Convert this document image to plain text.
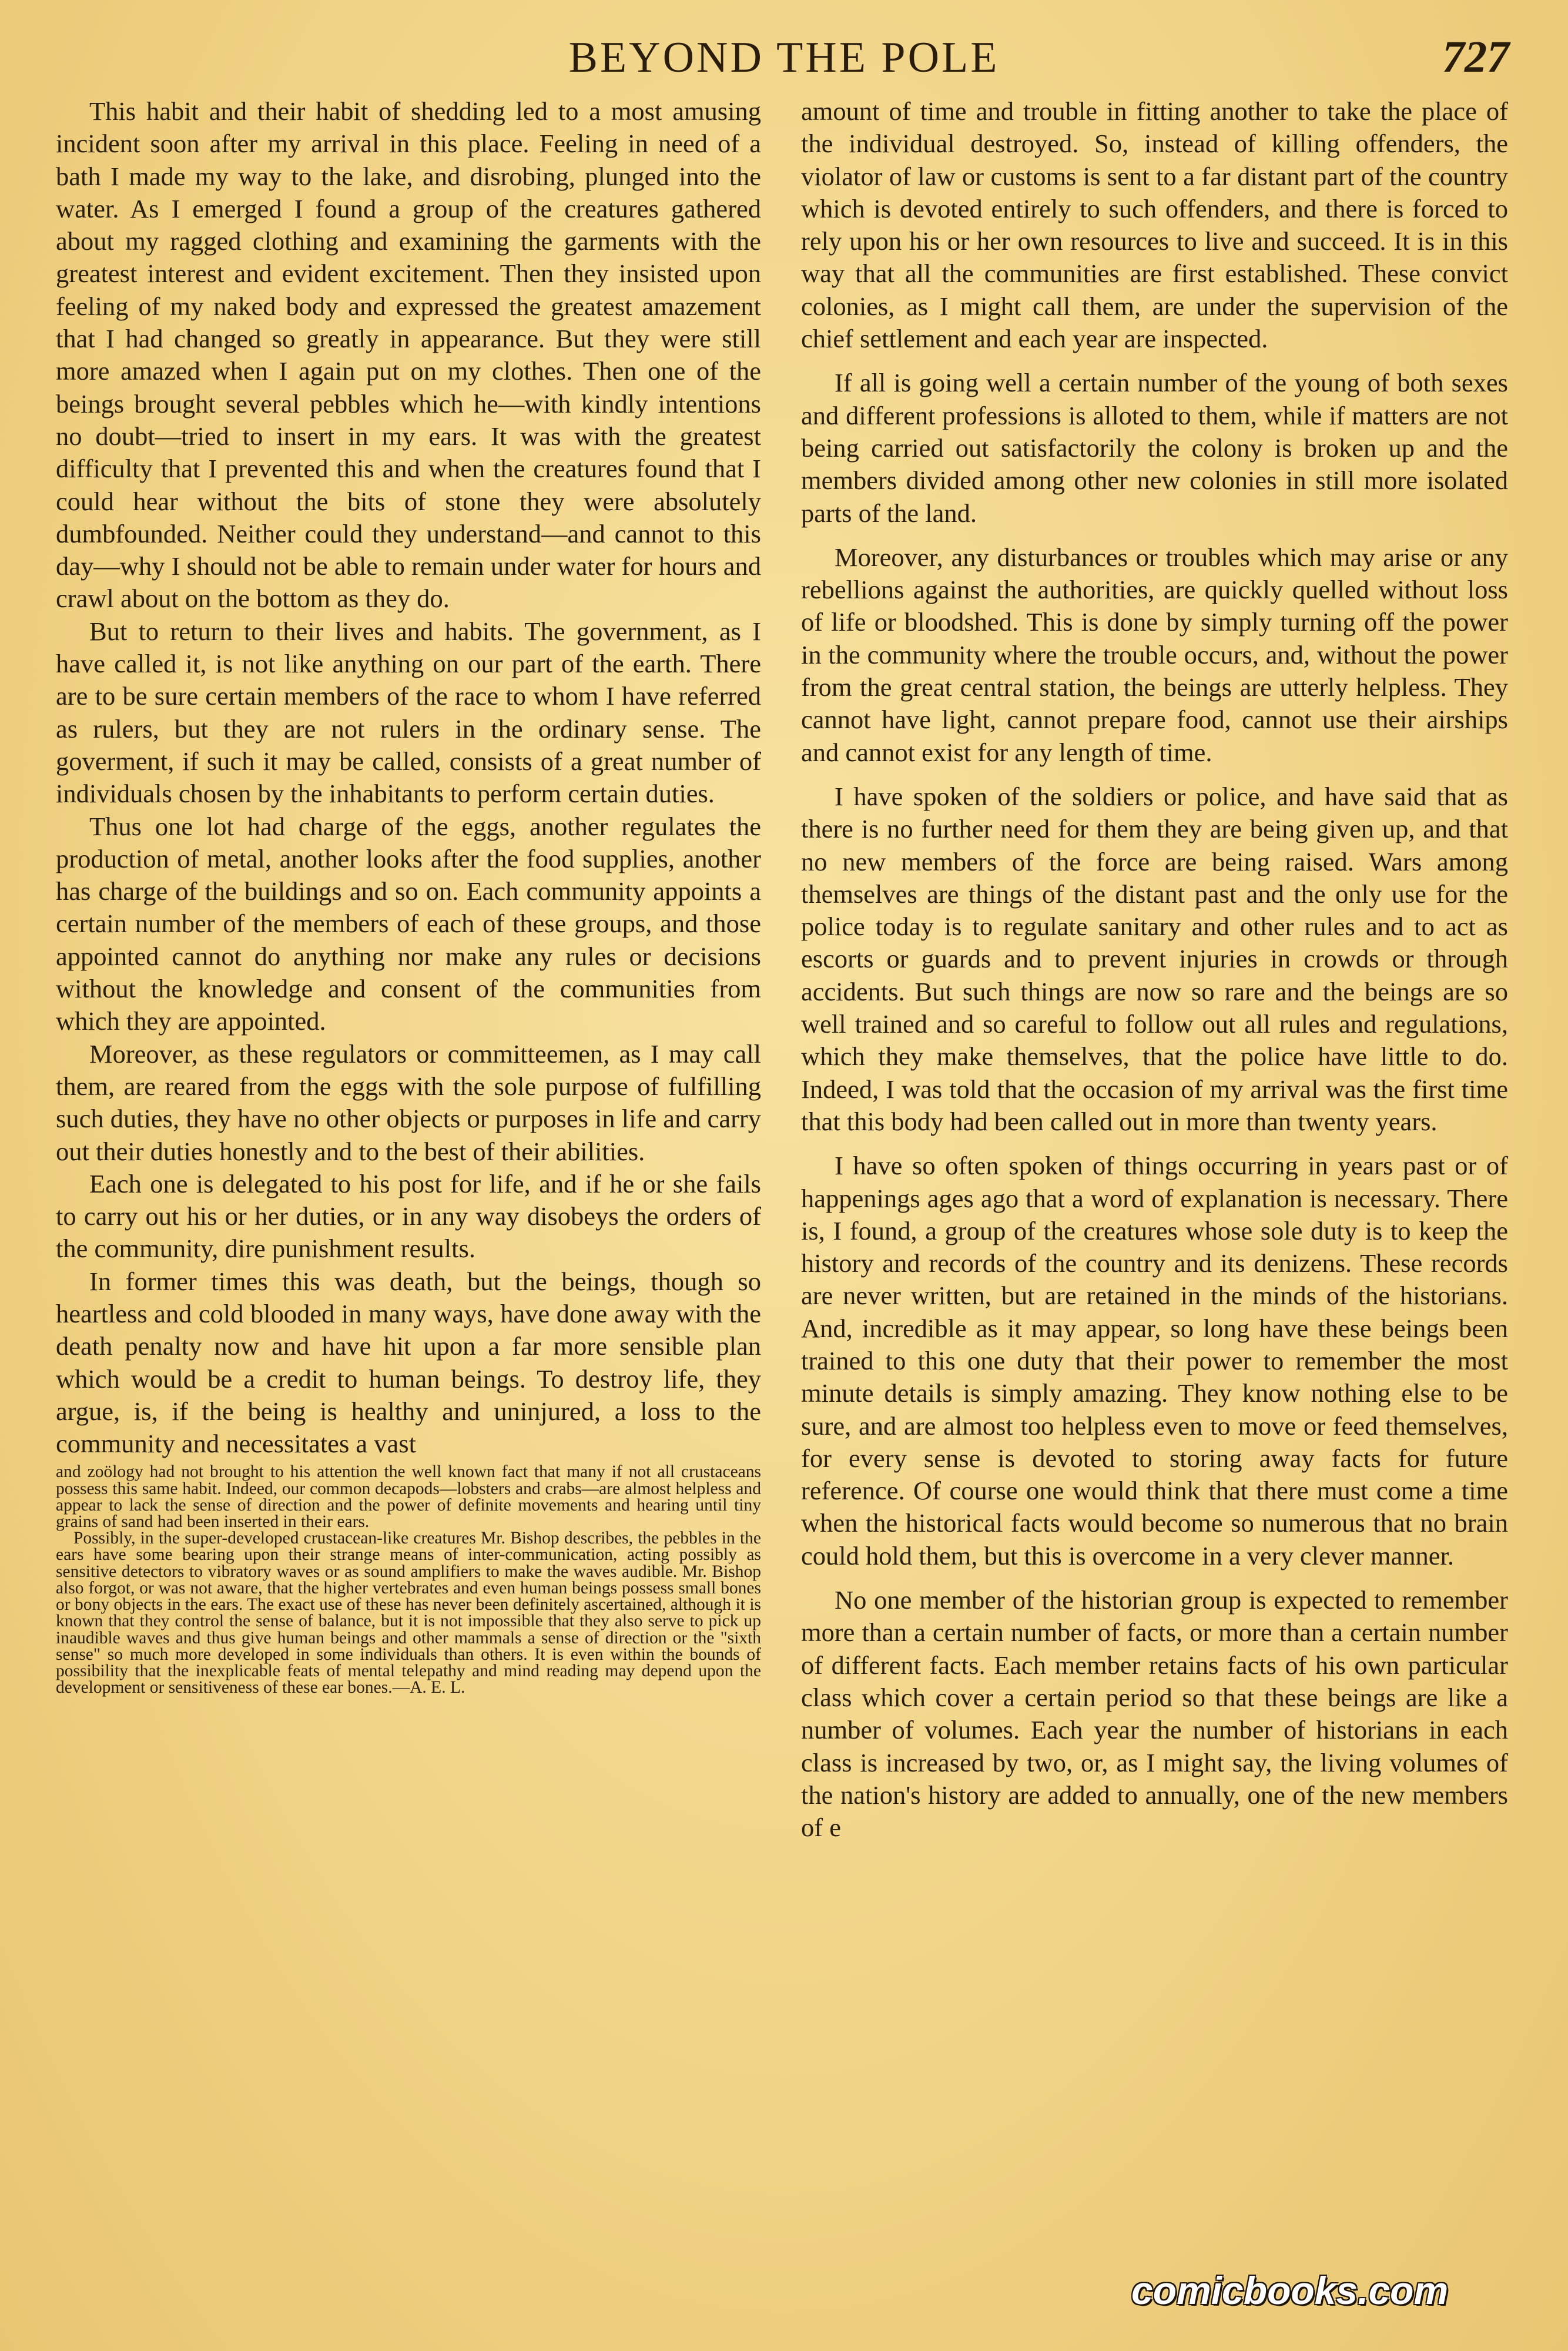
BEYOND THE POLE	727

This habit and their habit of shedding led to a most amusing incident soon after my arrival in this place. Feeling in need of a bath I made my way to the lake, and disrobing, plunged into the water. As I emerged I found a group of the creatures gathered about my ragged clothing and examining the garments with the greatest interest and evident excitement. Then they insisted upon feeling of my naked body and expressed the greatest amazement that I had changed so greatly in appearance. But they were still more amazed when I again put on my clothes. Then one of the beings brought several pebbles which he—with kindly intentions no doubt—tried to insert in my ears. It was with the greatest difficulty that I prevented this and when the creatures found that I could hear without the bits of stone they were absolutely dumbfounded. Neither could they understand—and cannot to this day—why I should not be able to remain under water for hours and crawl about on the bottom as they do.

But to return to their lives and habits. The government, as I have called it, is not like anything on our part of the earth. There are to be sure certain members of the race to whom I have referred as rulers, but they are not rulers in the ordinary sense. The goverment, if such it may be called, consists of a great number of individuals chosen by the inhabitants to perform certain duties.

Thus one lot had charge of the eggs, another regulates the production of metal, another looks after the food supplies, another has charge of the buildings and so on. Each community appoints a certain number of the members of each of these groups, and those appointed cannot do anything nor make any rules or decisions without the knowledge and consent of the communities from which they are appointed.

Moreover, as these regulators or committeemen, as I may call them, are reared from the eggs with the sole purpose of fulfilling such duties, they have no other objects or purposes in life and carry out their duties honestly and to the best of their abilities.

Each one is delegated to his post for life, and if he or she fails to carry out his or her duties, or in any way disobeys the orders of the community, dire punishment results.

In former times this was death, but the beings, though so heartless and cold blooded in many ways, have done away with the death penalty now and have hit upon a far more sensible plan which would be a credit to human beings. To destroy life, they argue, is, if the being is healthy and uninjured, a loss to the community and necessitates a vast

and zoölogy had not brought to his attention the well known fact that many if not all crustaceans possess this same habit. Indeed, our common decapods—lobsters and crabs—are almost helpless and appear to lack the sense of direction and the power of definite movements and hearing until tiny grains of sand had been inserted in their ears.

Possibly, in the super-developed crustacean-like creatures Mr. Bishop describes, the pebbles in the ears have some bearing upon their strange means of inter-communication, acting possibly as sensitive detectors to vibratory waves or as sound amplifiers to make the waves audible. Mr. Bishop also forgot, or was not aware, that the higher vertebrates and even human beings possess small bones or bony objects in the ears. The exact use of these has never been definitely ascertained, although it is known that they control the sense of balance, but it is not impossible that they also serve to pick up inaudible waves and thus give human beings and other mammals a sense of direction or the "sixth sense" so much more developed in some individuals than others. It is even within the bounds of possibility that the inexplicable feats of mental telepathy and mind reading may depend upon the development or sensitiveness of these ear bones.—A. E. L.

amount of time and trouble in fitting another to take the place of the individual destroyed. So, instead of killing offenders, the violator of law or customs is sent to a far distant part of the country which is devoted entirely to such offenders, and there is forced to rely upon his or her own resources to live and succeed. It is in this way that all the communities are first established. These convict colonies, as I might call them, are under the supervision of the chief settlement and each year are inspected.

If all is going well a certain number of the young of both sexes and different professions is alloted to them, while if matters are not being carried out satisfactorily the colony is broken up and the members divided among other new colonies in still more isolated parts of the land.

Moreover, any disturbances or troubles which may arise or any rebellions against the authorities, are quickly quelled without loss of life or bloodshed. This is done by simply turning off the power in the community where the trouble occurs, and, without the power from the great central station, the beings are utterly helpless. They cannot have light, cannot prepare food, cannot use their airships and cannot exist for any length of time.

I have spoken of the soldiers or police, and have said that as there is no further need for them they are being given up, and that no new members of the force are being raised. Wars among themselves are things of the distant past and the only use for the police today is to regulate sanitary and other rules and to act as escorts or guards and to prevent injuries in crowds or through accidents. But such things are now so rare and the beings are so well trained and so careful to follow out all rules and regulations, which they make themselves, that the police have little to do. Indeed, I was told that the occasion of my arrival was the first time that this body had been called out in more than twenty years.

I have so often spoken of things occurring in years past or of happenings ages ago that a word of explanation is necessary. There is, I found, a group of the creatures whose sole duty is to keep the history and records of the country and its denizens. These records are never written, but are retained in the minds of the historians. And, incredible as it may appear, so long have these beings been trained to this one duty that their power to remember the most minute details is simply amazing. They know nothing else to be sure, and are almost too helpless even to move or feed themselves, for every sense is devoted to storing away facts for future reference. Of course one would think that there must come a time when the historical facts would become so numerous that no brain could hold them, but this is overcome in a very clever manner.

No one member of the historian group is expected to remember more than a certain number of facts, or more than a certain number of different facts. Each member retains facts of his own particular class which cover a certain period so that these beings are like a number of volumes. Each year the number of historians in each class is increased by two, or, as I might say, the living volumes of the nation's history are added to annually, one of the new members of e

comicbooks.com
